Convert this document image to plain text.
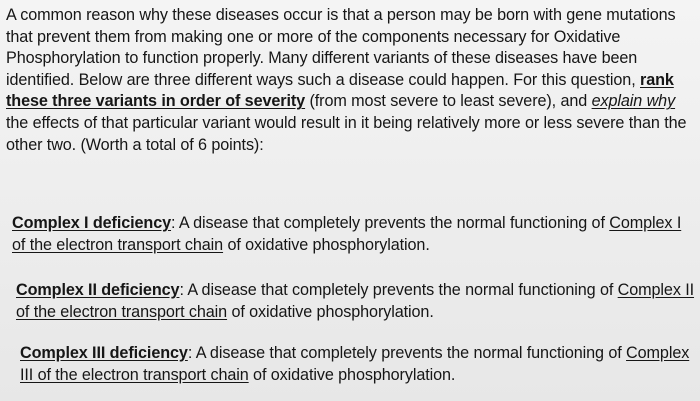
A common reason why these diseases occur is that a person may be born with gene mutations that prevent them from making one or more of the components necessary for Oxidative Phosphorylation to function properly. Many different variants of these diseases have been identified. Below are three different ways such a disease could happen. For this question, rank these three variants in order of severity (from most severe to least severe), and explain why the effects of that particular variant would result in it being relatively more or less severe than the other two. (Worth a total of 6 points):

Complex I deficiency: A disease that completely prevents the normal functioning of Complex I of the electron transport chain of oxidative phosphorylation.

Complex II deficiency: A disease that completely prevents the normal functioning of Complex II of the electron transport chain of oxidative phosphorylation.

Complex III deficiency: A disease that completely prevents the normal functioning of Complex III of the electron transport chain of oxidative phosphorylation.
